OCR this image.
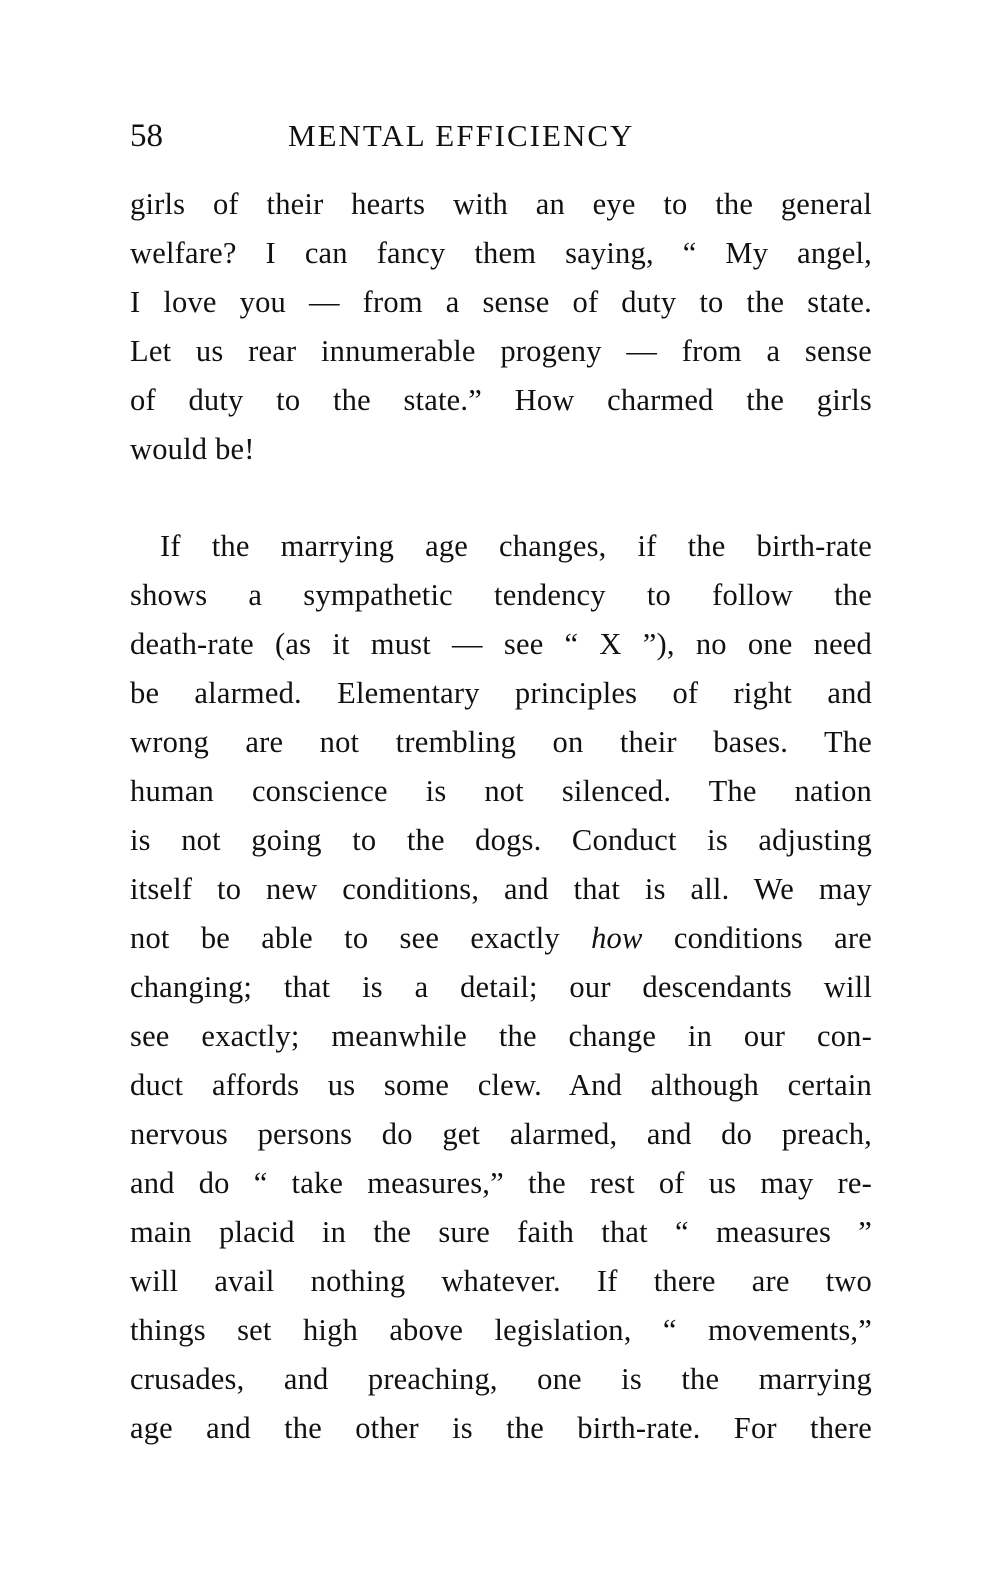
58	MENTAL EFFICIENCY
girls of their hearts with an eye to the general
welfare? I can fancy them saying, “ My angel,
I love you — from a sense of duty to the state.
Let us rear innumerable progeny — from a sense
of duty to the state.” How charmed the girls
would be!
If the marrying age changes, if the birth-rate
shows a sympathetic tendency to follow the
death-rate (as it must — see “ X ”), no one need
be alarmed. Elementary principles of right and
wrong are not trembling on their bases. The
human conscience is not silenced. The nation
is not going to the dogs. Conduct is adjusting
itself to new conditions, and that is all. We may
not be able to see exactly how conditions are
changing; that is a detail; our descendants will
see exactly; meanwhile the change in our con-
duct affords us some clew. And although certain
nervous persons do get alarmed, and do preach,
and do “ take measures,” the rest of us may re-
main placid in the sure faith that “ measures ”
will avail nothing whatever. If there are two
things set high above legislation, “ movements,”
crusades, and preaching, one is the marrying
age and the other is the birth-rate. For there
